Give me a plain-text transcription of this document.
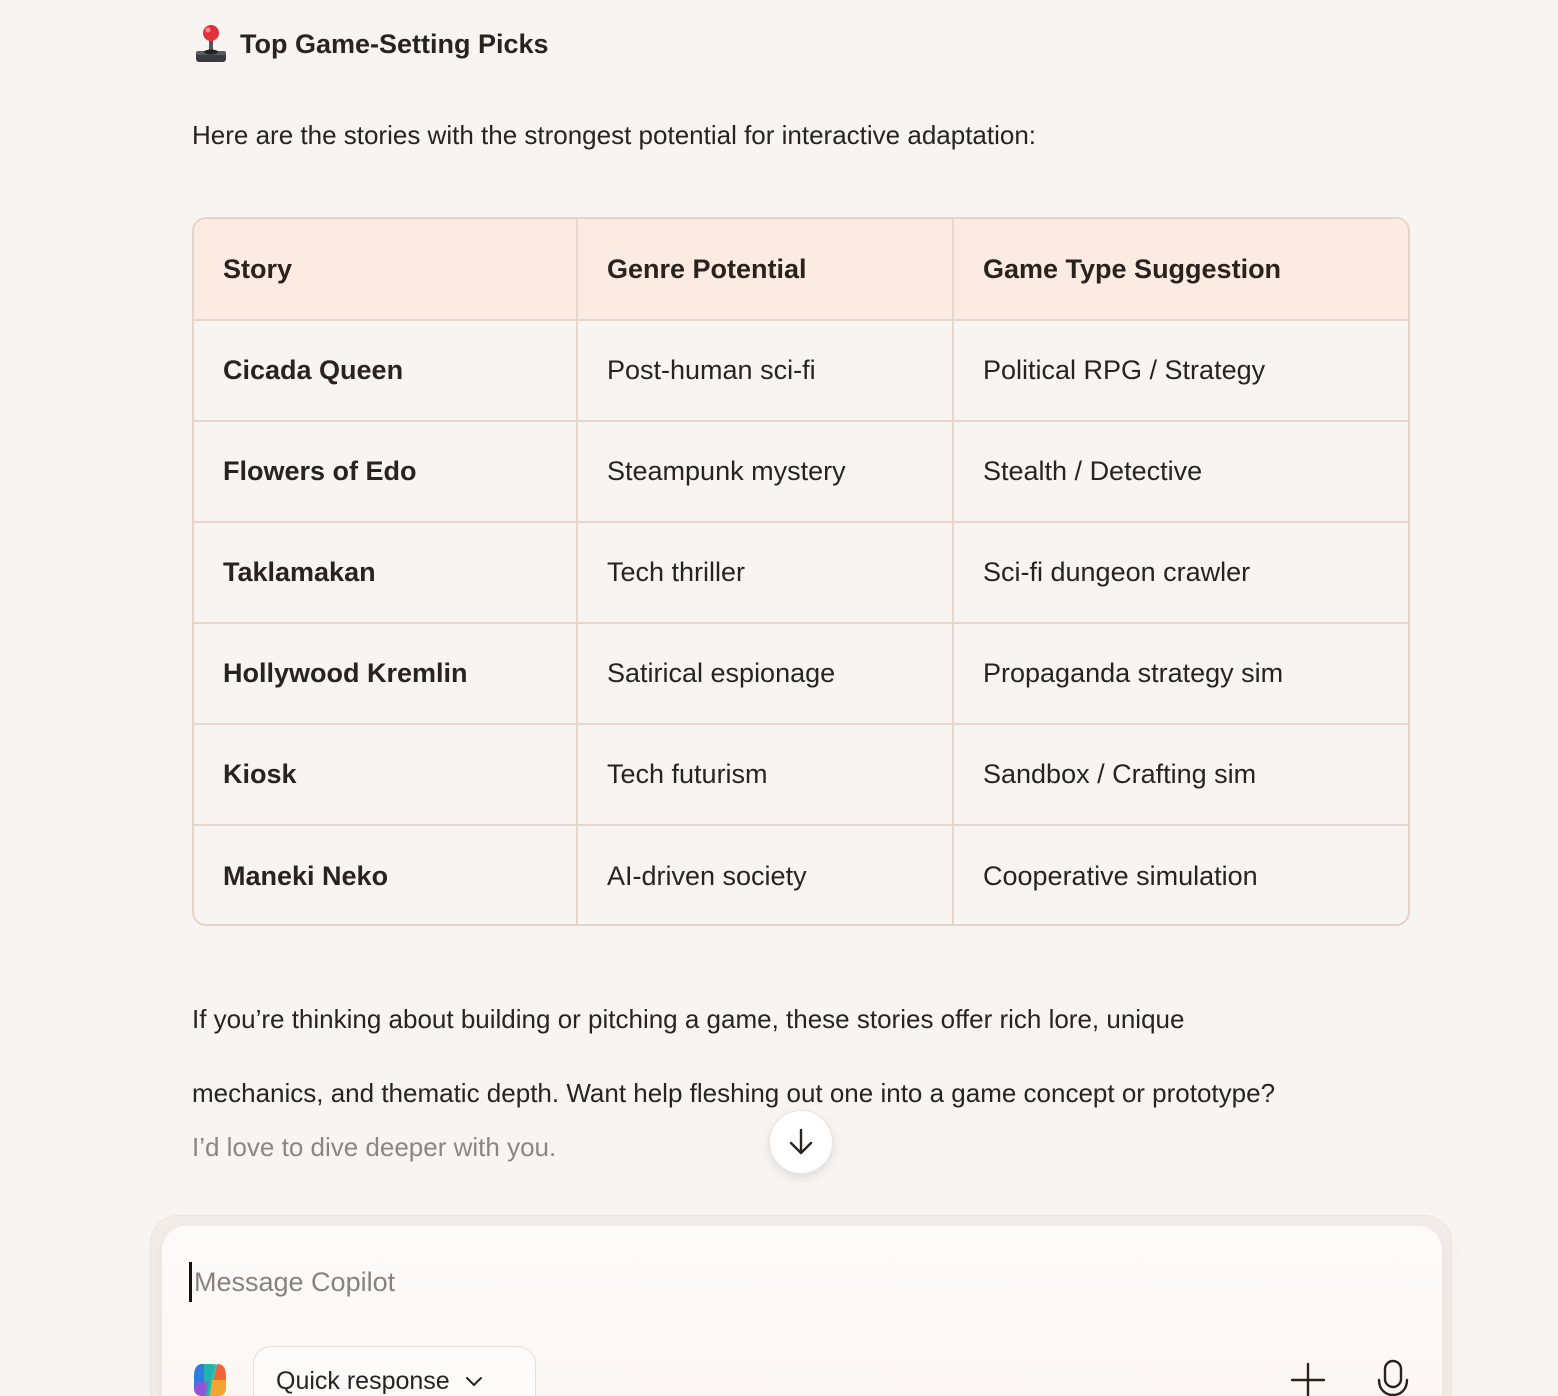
Top Game-Setting Picks

Here are the stories with the strongest potential for interactive adaptation:

Story	Genre Potential	Game Type Suggestion
Cicada Queen	Post-human sci-fi	Political RPG / Strategy
Flowers of Edo	Steampunk mystery	Stealth / Detective
Taklamakan	Tech thriller	Sci-fi dungeon crawler
Hollywood Kremlin	Satirical espionage	Propaganda strategy sim
Kiosk	Tech futurism	Sandbox / Crafting sim
Maneki Neko	AI-driven society	Cooperative simulation
If you’re thinking about building or pitching a game, these stories offer rich lore, unique
mechanics, and thematic depth. Want help fleshing out one into a game concept or prototype?

I’d love to dive deeper with you.

Message Copilot
Quick response
